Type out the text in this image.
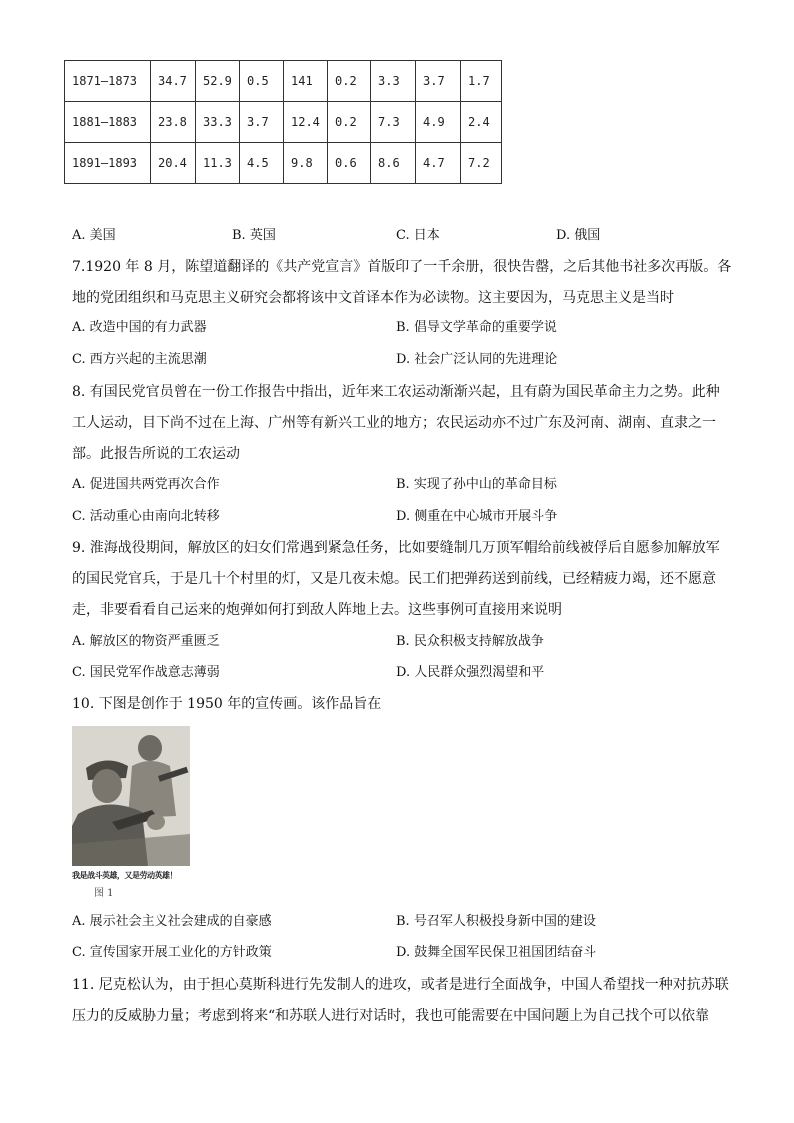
1871—1873	34.7	52.9	0.5	141	0.2	3.3	3.7	1.7
1881—1883	23.8	33.3	3.7	12.4	0.2	7.3	4.9	2.4
1891—1893	20.4	11.3	4.5	9.8	0.6	8.6	4.7	7.2
A. 美国	B. 英国	C. 日本	D. 俄国
7.1920 年 8 月，陈望道翻译的《共产党宣言》首版印了一千余册，很快告罄，之后其他书社多次再版。各
地的党团组织和马克思主义研究会都将该中文首译本作为必读物。这主要因为，马克思主义是当时
A. 改造中国的有力武器	B. 倡导文学革命的重要学说
C. 西方兴起的主流思潮	D. 社会广泛认同的先进理论
8. 有国民党官员曾在一份工作报告中指出，近年来工农运动渐渐兴起，且有蔚为国民革命主力之势。此种
工人运动，目下尚不过在上海、广州等有新兴工业的地方；农民运动亦不过广东及河南、湖南、直隶之一
部。此报告所说的工农运动
A. 促进国共两党再次合作	B. 实现了孙中山的革命目标
C. 活动重心由南向北转移	D. 侧重在中心城市开展斗争
9. 淮海战役期间，解放区的妇女们常遇到紧急任务，比如要缝制几万顶军帽给前线被俘后自愿参加解放军
的国民党官兵，于是几十个村里的灯，又是几夜未熄。民工们把弹药送到前线，已经精疲力竭，还不愿意
走，非要看看自己运来的炮弹如何打到敌人阵地上去。这些事例可直接用来说明
A. 解放区的物资严重匮乏	B. 民众积极支持解放战争
C. 国民党军作战意志薄弱	D. 人民群众强烈渴望和平
10. 下图是创作于 1950 年的宣传画。该作品旨在
我是战斗英雄，又是劳动英雄！
图 1
A. 展示社会主义社会建成的自豪感	B. 号召军人积极投身新中国的建设
C. 宣传国家开展工业化的方针政策	D. 鼓舞全国军民保卫祖国团结奋斗
11. 尼克松认为，由于担心莫斯科进行先发制人的进攻，或者是进行全面战争，中国人希望找一种对抗苏联
压力的反威胁力量；考虑到将来“和苏联人进行对话时，我也可能需要在中国问题上为自己找个可以依靠
